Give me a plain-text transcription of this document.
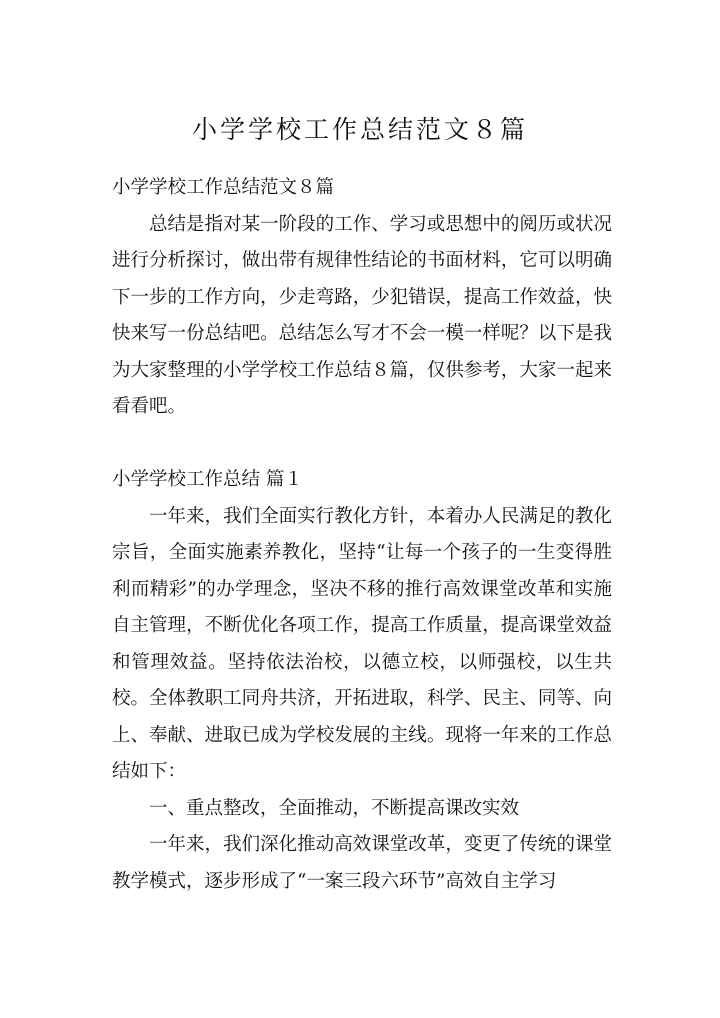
小学学校工作总结范文８篇

小学学校工作总结范文８篇

总结是指对某一阶段的工作、学习或思想中的阅历或状况进行分析探讨，做出带有规律性结论的书面材料，它可以明确下一步的工作方向，少走弯路，少犯错误，提高工作效益，快快来写一份总结吧。总结怎么写才不会一模一样呢？以下是我为大家整理的小学学校工作总结８篇，仅供参考，大家一起来看看吧。

小学学校工作总结 篇１

一年来，我们全面实行教化方针，本着办人民满足的教化宗旨，全面实施素养教化，坚持“让每一个孩子的一生变得胜利而精彩”的办学理念，坚决不移的推行高效课堂改革和实施自主管理，不断优化各项工作，提高工作质量，提高课堂效益和管理效益。坚持依法治校，以德立校，以师强校，以生共校。全体教职工同舟共济，开拓进取，科学、民主、同等、向上、奉献、进取已成为学校发展的主线。现将一年来的工作总结如下：

一、重点整改，全面推动，不断提高课改实效

一年来，我们深化推动高效课堂改革，变更了传统的课堂教学模式，逐步形成了“一案三段六环节”高效自主学习
